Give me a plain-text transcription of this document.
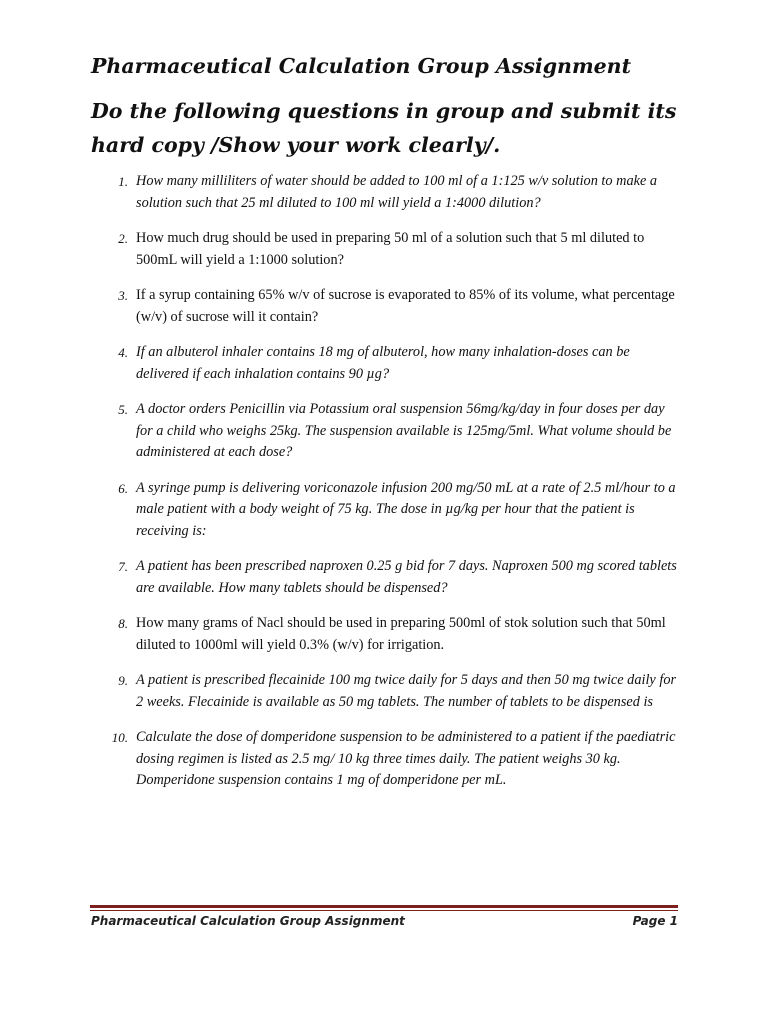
Pharmaceutical Calculation Group Assignment
Do the following questions in group and submit its hard copy /Show your work clearly/.
1. How many milliliters of water should be added to 100 ml of a 1:125 w/v solution to make a solution such that 25 ml diluted to 100 ml will yield a 1:4000 dilution?
2. How much drug should be used in preparing 50 ml of a solution such that 5 ml diluted to 500mL will yield a 1:1000 solution?
3. If a syrup containing 65% w/v of sucrose is evaporated to 85% of its volume, what percentage (w/v) of sucrose will it contain?
4. If an albuterol inhaler contains 18 mg of albuterol, how many inhalation-doses can be delivered if each inhalation contains 90 µg?
5. A doctor orders Penicillin via Potassium oral suspension 56mg/kg/day in four doses per day for a child who weighs 25kg. The suspension available is 125mg/5ml. What volume should be administered at each dose?
6. A syringe pump is delivering voriconazole infusion 200 mg/50 mL at a rate of 2.5 ml/hour to a male patient with a body weight of 75 kg. The dose in µg/kg per hour that the patient is receiving is:
7. A patient has been prescribed naproxen 0.25 g bid for 7 days. Naproxen 500 mg scored tablets are available. How many tablets should be dispensed?
8. How many grams of Nacl should be used in preparing 500ml of stok solution such that 50ml diluted to 1000ml will yield 0.3% (w/v) for irrigation.
9. A patient is prescribed flecainide 100 mg twice daily for 5 days and then 50 mg twice daily for 2 weeks. Flecainide is available as 50 mg tablets. The number of tablets to be dispensed is
10. Calculate the dose of domperidone suspension to be administered to a patient if the paediatric dosing regimen is listed as 2.5 mg/ 10 kg three times daily. The patient weighs 30 kg. Domperidone suspension contains 1 mg of domperidone per mL.
Pharmaceutical Calculation Group Assignment	Page 1
